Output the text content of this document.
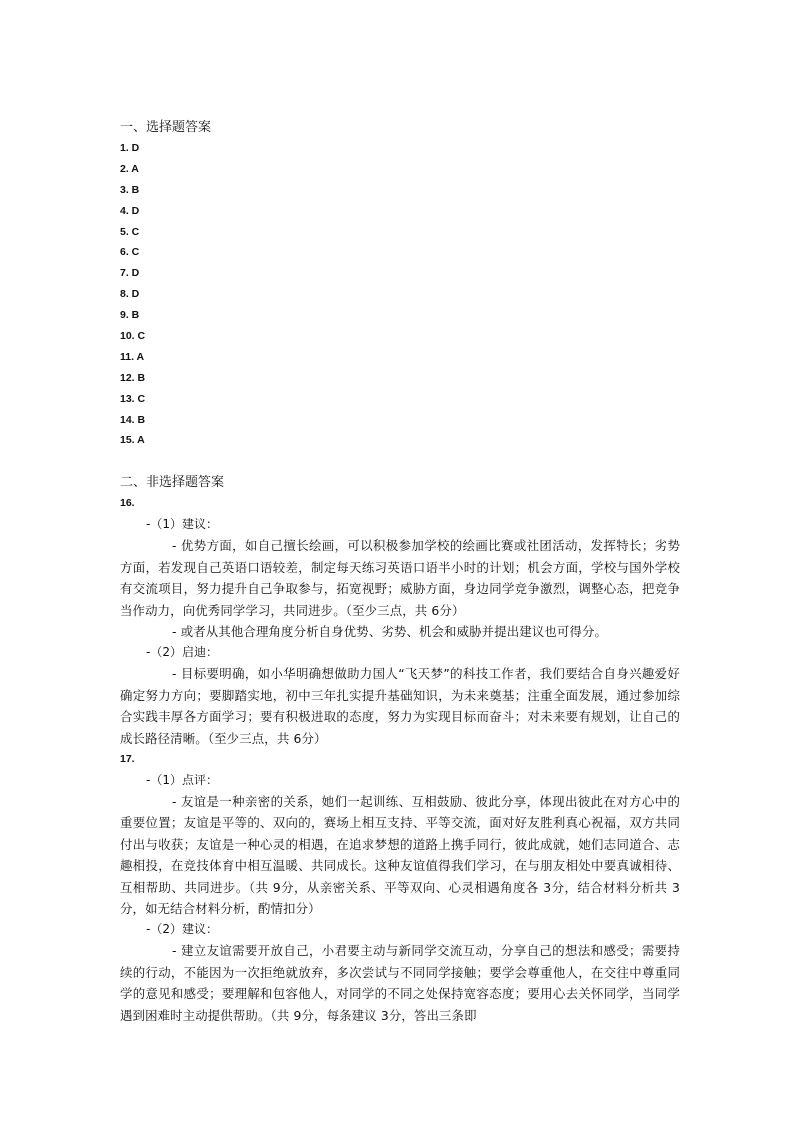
一、选择题答案
1. D
2. A
3. B
4. D
5. C
6. C
7. D
8. D
9. B
10. C
11. A
12. B
13. C
14. B
15. A
二、非选择题答案
16.
-（1）建议：

- 优势方面，如自己擅长绘画，可以积极参加学校的绘画比赛或社团活动，发挥特长；劣势方面，若发现自己英语口语较差，制定每天练习英语口语半小时的计划；机会方面，学校与国外学校有交流项目，努力提升自己争取参与，拓宽视野；威胁方面，身边同学竞争激烈，调整心态，把竞争当作动力，向优秀同学学习，共同进步。（至少三点，共 6分）

- 或者从其他合理角度分析自身优势、劣势、机会和威胁并提出建议也可得分。

-（2）启迪：

- 目标要明确，如小华明确想做助力国人“飞天梦”的科技工作者，我们要结合自身兴趣爱好确定努力方向；要脚踏实地，初中三年扎实提升基础知识，为未来奠基；注重全面发展，通过参加综合实践丰厚各方面学习；要有积极进取的态度，努力为实现目标而奋斗；对未来要有规划，让自己的成长路径清晰。（至少三点，共 6分）

17.
-（1）点评：

- 友谊是一种亲密的关系，她们一起训练、互相鼓励、彼此分享，体现出彼此在对方心中的重要位置；友谊是平等的、双向的，赛场上相互支持、平等交流，面对好友胜利真心祝福，双方共同付出与收获；友谊是一种心灵的相遇，在追求梦想的道路上携手同行，彼此成就，她们志同道合、志趣相投，在竞技体育中相互温暖、共同成长。这种友谊值得我们学习，在与朋友相处中要真诚相待、互相帮助、共同进步。（共 9分，从亲密关系、平等双向、心灵相遇角度各 3分，结合材料分析共 3分，如无结合材料分析，酌情扣分）

-（2）建议：

- 建立友谊需要开放自己，小君要主动与新同学交流互动，分享自己的想法和感受；需要持续的行动，不能因为一次拒绝就放弃，多次尝试与不同同学接触；要学会尊重他人，在交往中尊重同学的意见和感受；要理解和包容他人，对同学的不同之处保持宽容态度；要用心去关怀同学，当同学遇到困难时主动提供帮助。（共 9分，每条建议 3分，答出三条即
